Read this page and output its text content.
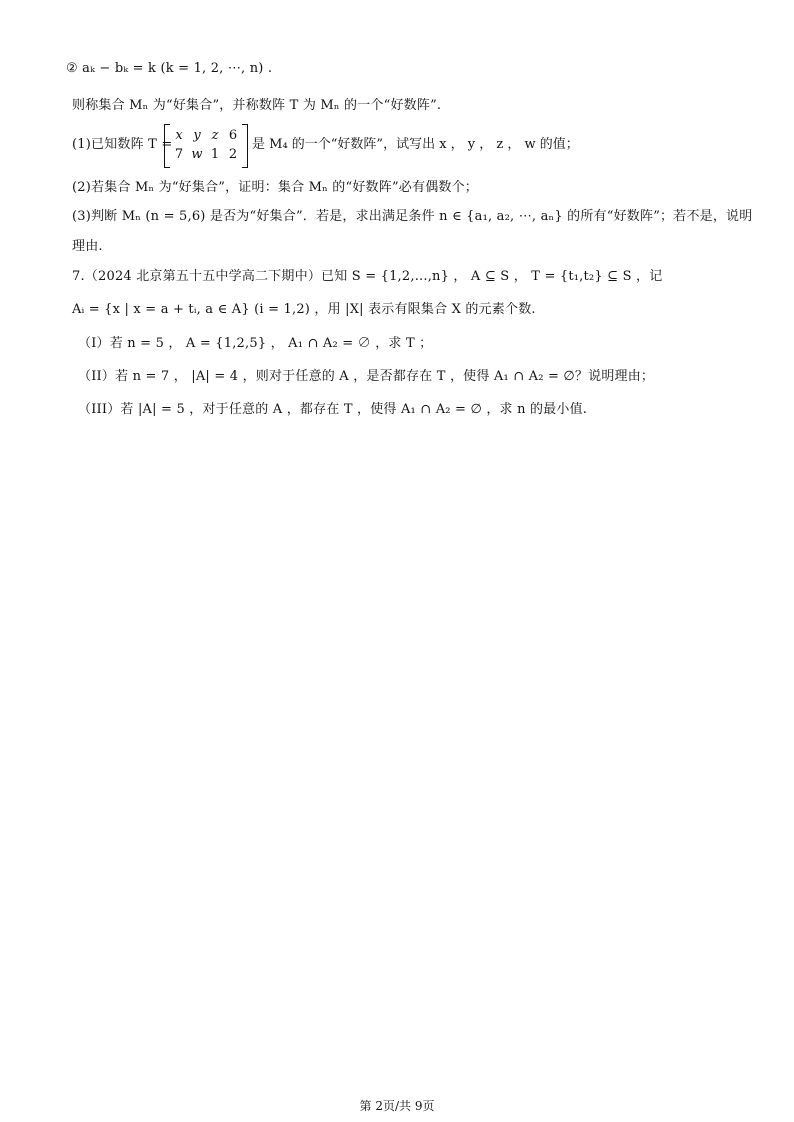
② aₖ − bₖ = k (k = 1, 2, ⋯, n) .
则称集合 Mₙ 为“好集合”，并称数阵 T 为 Mₙ 的一个“好数阵”.
(1)已知数阵 T =
x y z 6
7 w 1 2
是 M₄ 的一个“好数阵”，试写出 x ， y ， z ， w 的值；
(2)若集合 Mₙ 为“好集合”，证明：集合 Mₙ 的“好数阵”必有偶数个；
(3)判断 Mₙ (n = 5,6) 是否为“好集合”．若是，求出满足条件 n ∈ {a₁, a₂, ⋯, aₙ} 的所有“好数阵”；若不是，说明
理由.
7.（2024 北京第五十五中学高二下期中）已知 S = {1,2,...,n} ， A ⊆ S ， T = {t₁,t₂} ⊆ S ，记
Aᵢ = {x | x = a + tᵢ, a ∈ A} (i = 1,2) ，用 |X| 表示有限集合 X 的元素个数.
（I）若 n = 5 ， A = {1,2,5} ， A₁ ∩ A₂ = ∅ ，求 T ；
（II）若 n = 7 ， |A| = 4 ，则对于任意的 A ，是否都存在 T ，使得 A₁ ∩ A₂ = ∅？说明理由；
（III）若 |A| = 5 ，对于任意的 A ，都存在 T ，使得 A₁ ∩ A₂ = ∅ ，求 n 的最小值.
第 2页/共 9页
